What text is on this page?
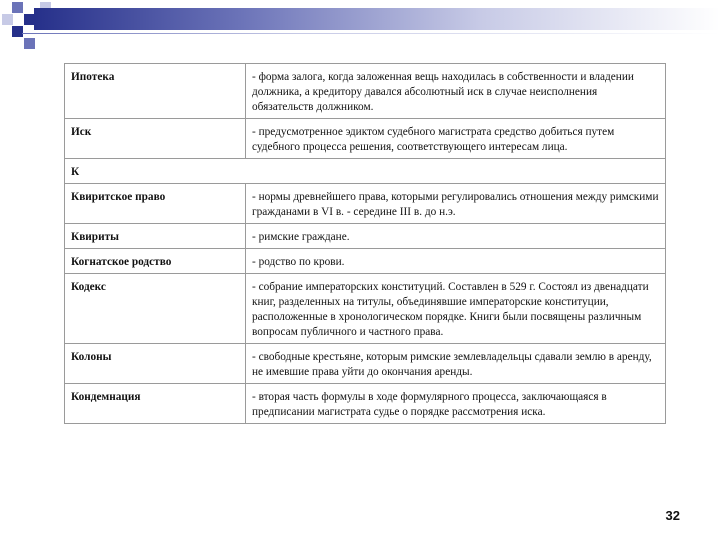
Ипотека	- форма залога, когда заложенная вещь находилась в собственности и владении должника, а кредитору давался абсолютный иск в случае неисполнения обязательств должником.
Иск	- предусмотренное эдиктом судебного магистрата средство добиться путем судебного процесса решения, соответствующего интересам лица.
К	
Квиритское право	- нормы древнейшего права, которыми регулировались отношения между римскими гражданами в VI в. - середине III в. до н.э.
Квириты	- римские граждане.
Когнатское родство	- родство по крови.
Кодекс	- собрание императорских конституций. Составлен в 529 г. Состоял из двенадцати книг, разделенных на титулы, объединявшие императорские конституции, расположенные в хронологическом порядке. Книги были посвящены различным вопросам публичного и частного права.
Колоны	- свободные крестьяне, которым римские землевладельцы сдавали землю в аренду, не имевшие права уйти до окончания аренды.
Кондемнация	- вторая часть формулы в ходе формулярного процесса, заключающаяся в предписании магистрата судье о порядке рассмотрения иска.
32
